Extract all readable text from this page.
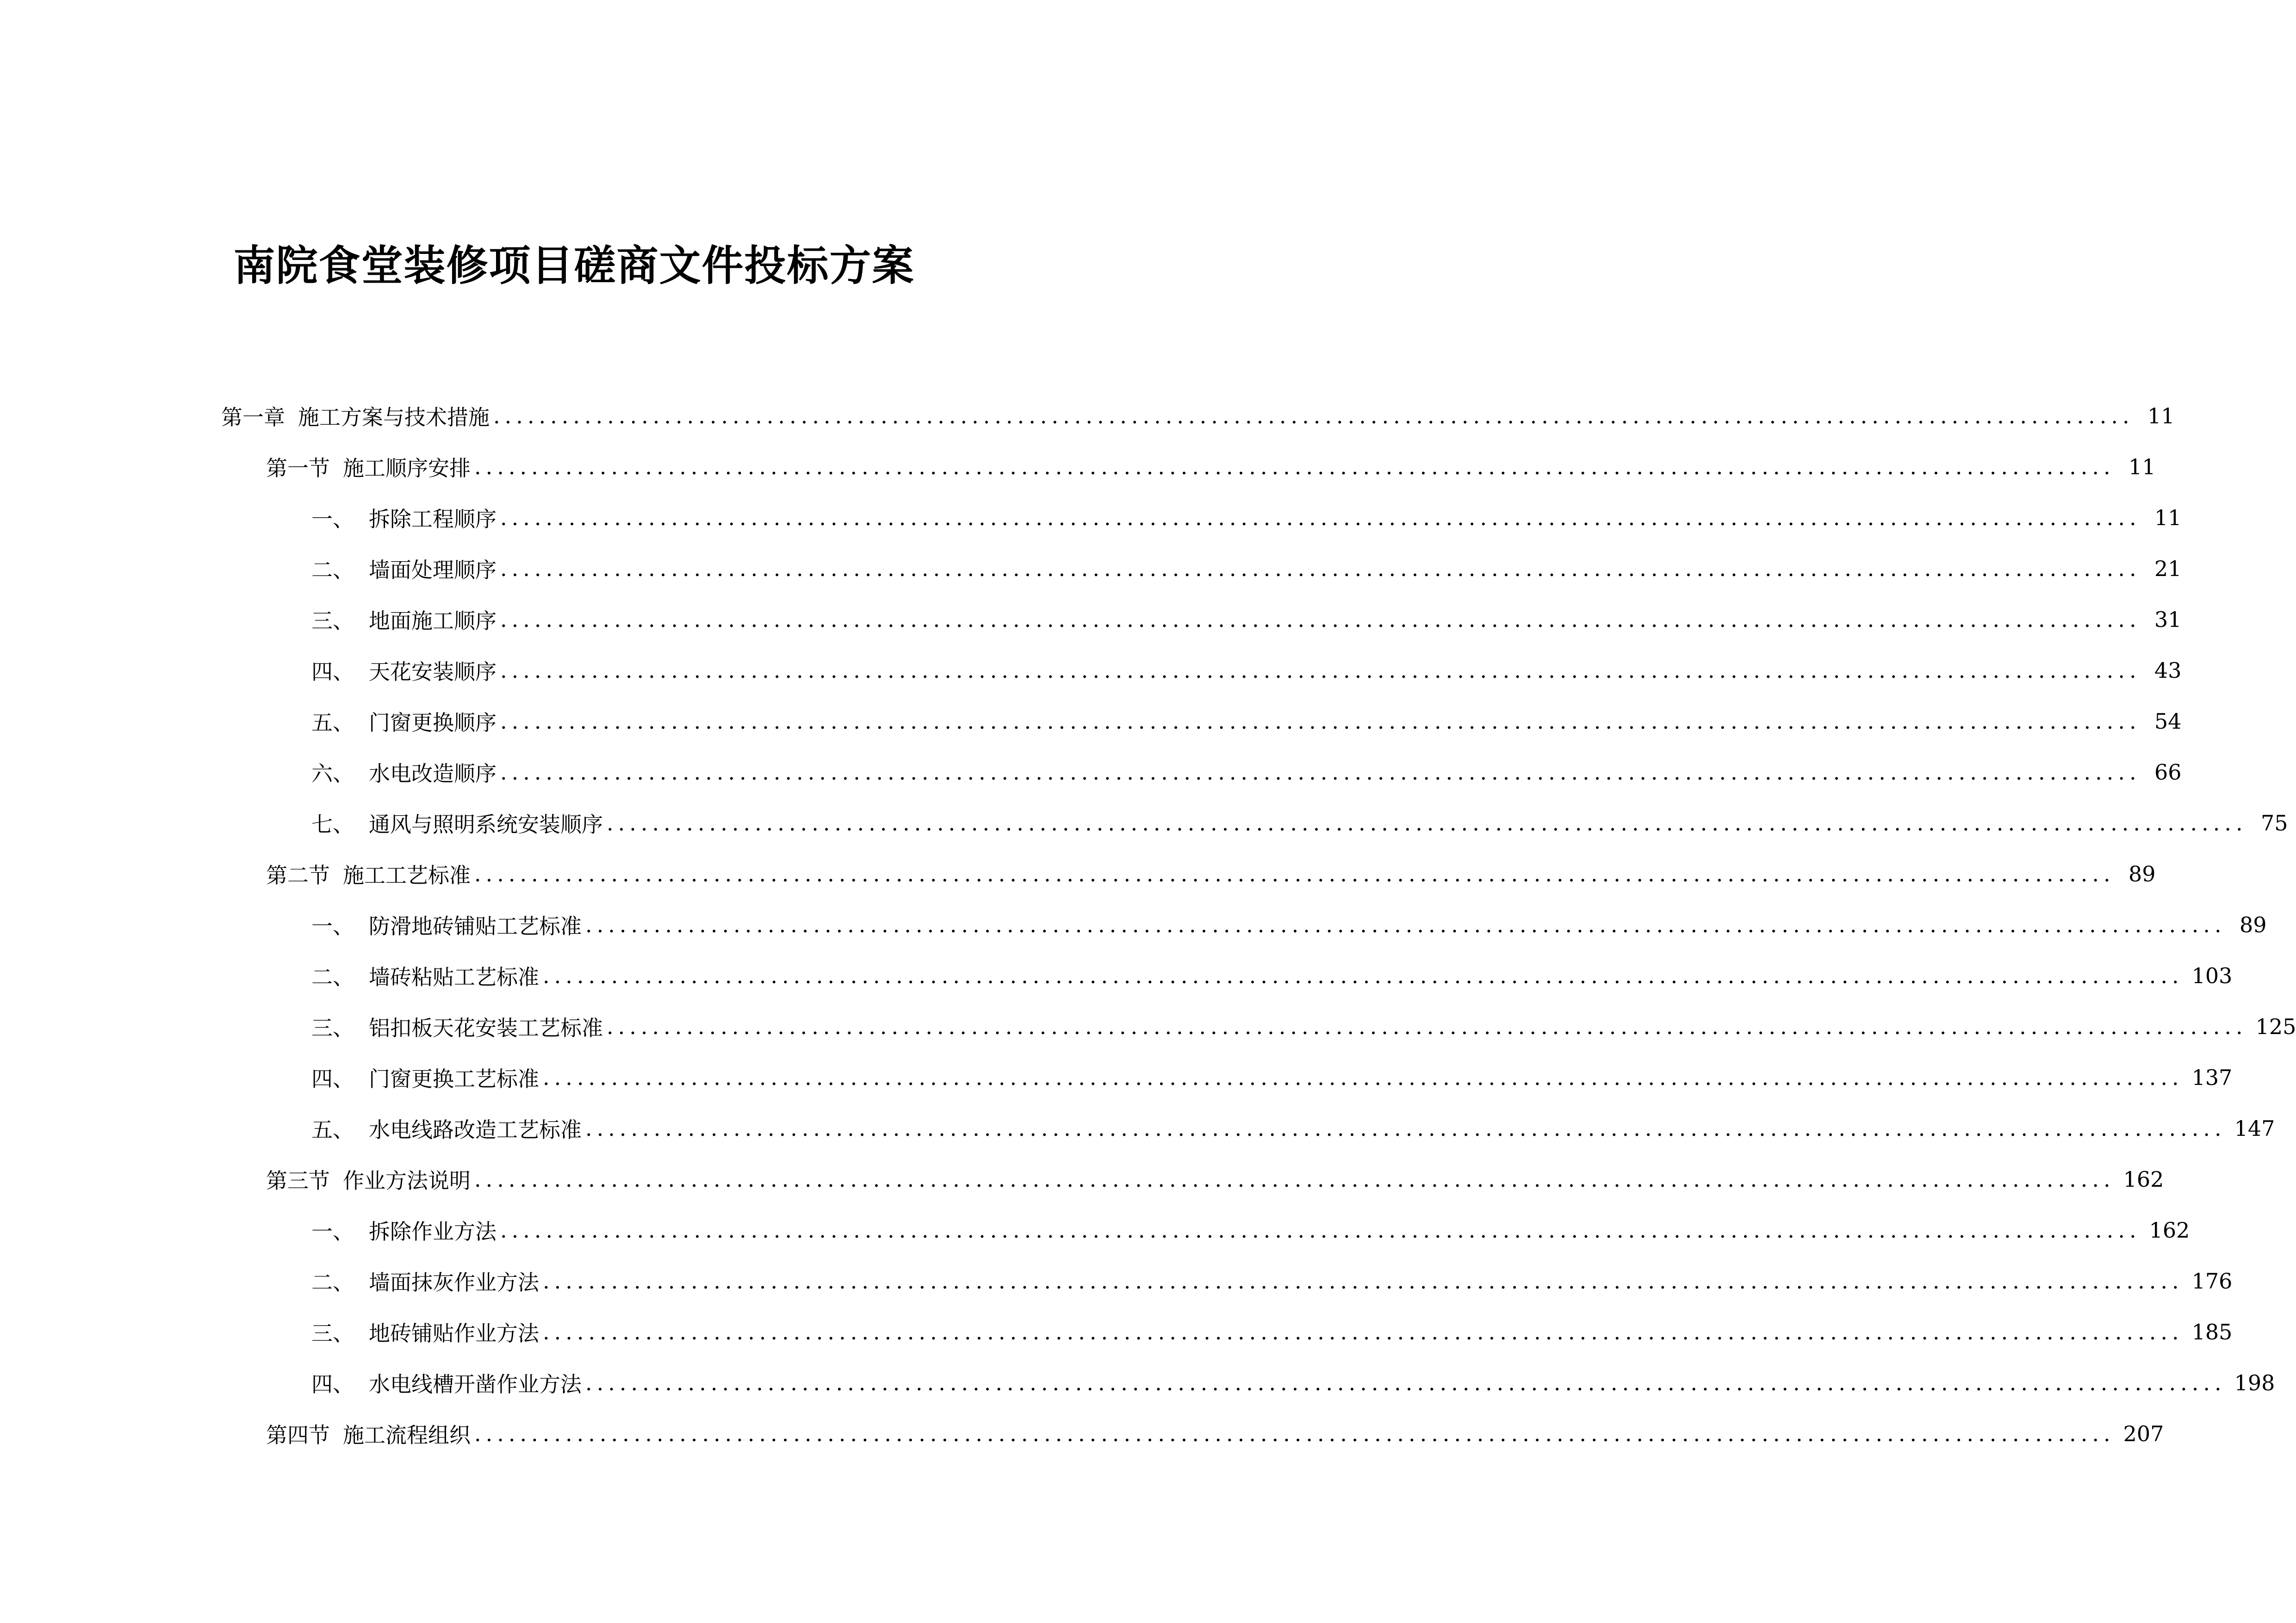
南院食堂装修项目磋商文件投标方案
第一章 施工方案与技术措施 ................................................................................................................................................ 11
第一节 施工顺序安排 ................................................................................................................................................ 11
一、 拆除工程顺序 ................................................................................................................................................ 11
二、 墙面处理顺序 ................................................................................................................................................ 21
三、 地面施工顺序 ................................................................................................................................................ 31
四、 天花安装顺序 ................................................................................................................................................ 43
五、 门窗更换顺序 ................................................................................................................................................ 54
六、 水电改造顺序 ................................................................................................................................................ 66
七、 通风与照明系统安装顺序 ................................................................................................................................................ 75
第二节 施工工艺标准 ................................................................................................................................................ 89
一、 防滑地砖铺贴工艺标准 ................................................................................................................................................ 89
二、 墙砖粘贴工艺标准 ................................................................................................................................................ 103
三、 铝扣板天花安装工艺标准 ................................................................................................................................................ 125
四、 门窗更换工艺标准 ................................................................................................................................................ 137
五、 水电线路改造工艺标准 ................................................................................................................................................ 147
第三节 作业方法说明 ................................................................................................................................................ 162
一、 拆除作业方法 ................................................................................................................................................ 162
二、 墙面抹灰作业方法 ................................................................................................................................................ 176
三、 地砖铺贴作业方法 ................................................................................................................................................ 185
四、 水电线槽开凿作业方法 ................................................................................................................................................ 198
第四节 施工流程组织 ................................................................................................................................................ 207
